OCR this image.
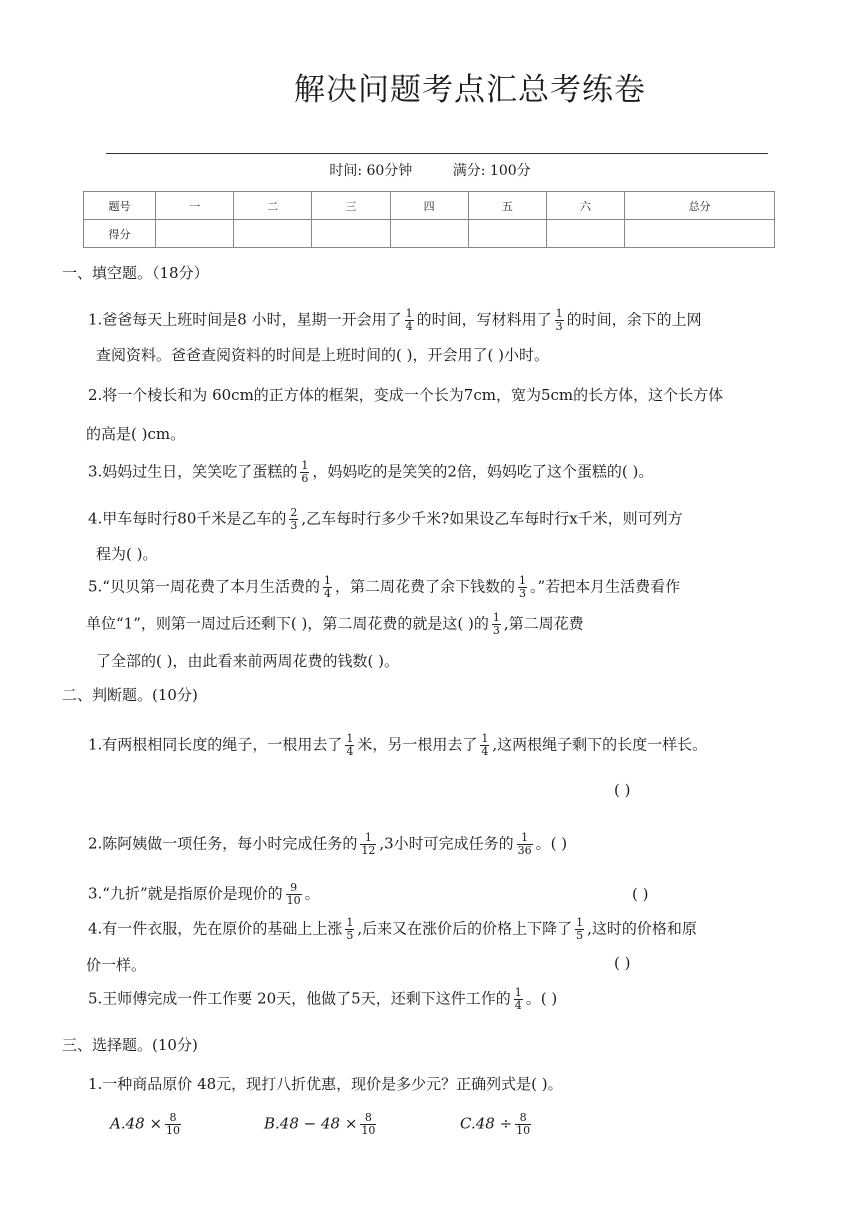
解决问题考点汇总考练卷
时间: 60分钟	满分: 100分
题号	一	二	三	四	五	六	总分
得分							
一、填空题。（18分）
1.爸爸每天上班时间是8 小时，星期一开会用了 $\frac{1}{4}$ 的时间，写材料用了 $\frac{1}{3}$ 的时间，余下的上网
查阅资料。爸爸查阅资料的时间是上班时间的( )，开会用了( )小时。
2.将一个棱长和为 60cm的正方体的框架，变成一个长为7cm，宽为5cm的长方体，这个长方体
的高是( )cm。
3.妈妈过生日，笑笑吃了蛋糕的 $\frac{1}{6}$ ，妈妈吃的是笑笑的2倍，妈妈吃了这个蛋糕的( )。
4.甲车每时行80千米是乙车的 $\frac{2}{3}$ ,乙车每时行多少千米?如果设乙车每时行x千米，则可列方
程为( )。
5.“贝贝第一周花费了本月生活费的 $\frac{1}{4}$ ，第二周花费了余下钱数的 $\frac{1}{3}$ 。”若把本月生活费看作
单位“1”，则第一周过后还剩下( )，第二周花费的就是这( )的 $\frac{1}{3}$ ,第二周花费
了全部的( )，由此看来前两周花费的钱数( )。
二、判断题。(10分)
1.有两根相同长度的绳子，一根用去了 $\frac{1}{4}$ 米，另一根用去了 $\frac{1}{4}$ ,这两根绳子剩下的长度一样长。
( )
2.陈阿姨做一项任务，每小时完成任务的 $\frac{1}{12} ,3$小时可完成任务的 $\frac{1}{36}$ 。( )
3.“九折”就是指原价是现价的 $\frac{9}{10}$ 。	( )
4.有一件衣服，先在原价的基础上上涨 $\frac{1}{5}$ ,后来又在涨价后的价格上下降了 $\frac{1}{5}$ ,这时的价格和原
价一样。	( )
5.王师傅完成一件工作要 20天，他做了5天，还剩下这件工作的 $\frac{1}{4}$ 。( )
三、选择题。(10分)
1.一种商品原价 48元，现打八折优惠，现价是多少元？正确列式是( )。
$A.48 \times \frac{8}{10}$	$B.48 - 48 \times \frac{8}{10}$	$C.48 \div \frac{8}{10}$
